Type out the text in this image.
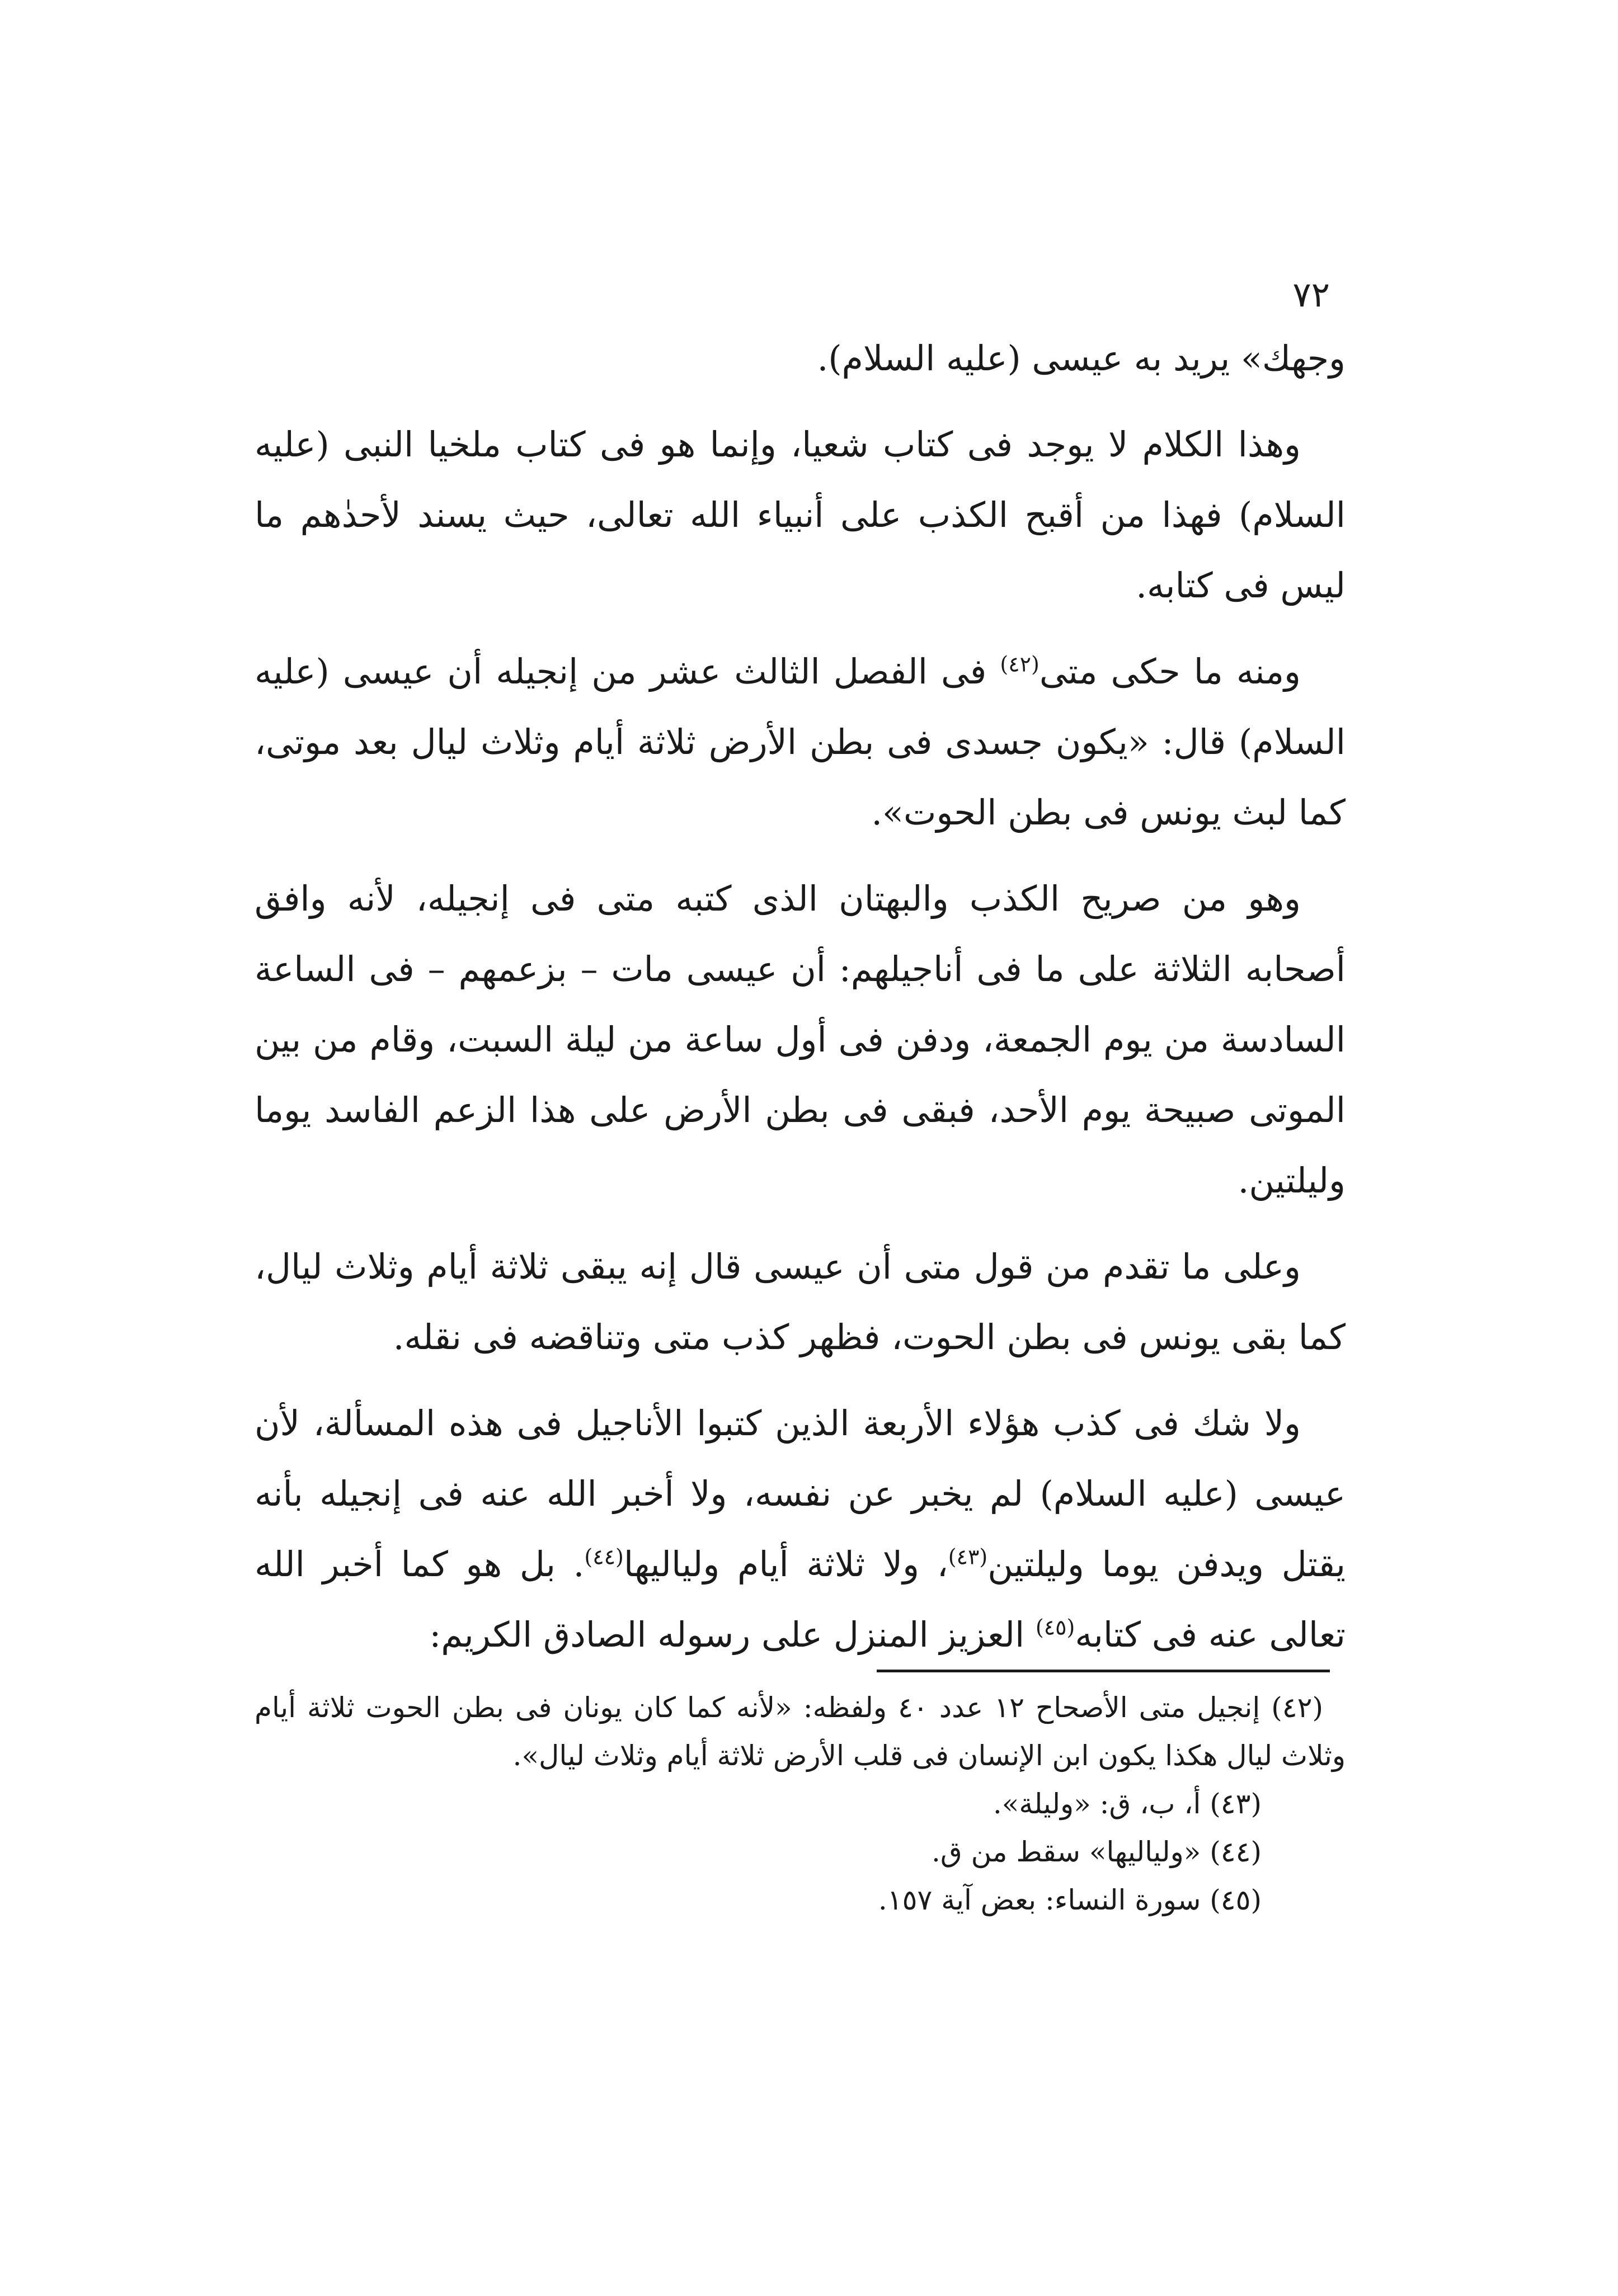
٧٢

وجهك» يريد به عيسى (عليه السلام).

وهذا الكلام لا يوجد فى كتاب شعيا، وإنما هو فى كتاب ملخيا النبى (عليه السلام) فهذا من أقبح الكذب على أنبياء الله تعالى، حيث يسند لأحدٰهم ما ليس فى كتابه.

ومنه ما حكى متى$^{(٤٢)}$ فى الفصل الثالث عشر من إنجيله أن عيسى (عليه السلام) قال: «يكون جسدى فى بطن الأرض ثلاثة أيام وثلاث ليال بعد موتى، كما لبث يونس فى بطن الحوت».

وهو من صريح الكذب والبهتان الذى كتبه متى فى إنجيله، لأنه وافق أصحابه الثلاثة على ما فى أناجيلهم: أن عيسى مات – بزعمهم – فى الساعة السادسة من يوم الجمعة، ودفن فى أول ساعة من ليلة السبت، وقام من بين الموتى صبيحة يوم الأحد، فبقى فى بطن الأرض على هذا الزعم الفاسد يوما وليلتين.

وعلى ما تقدم من قول متى أن عيسى قال إنه يبقى ثلاثة أيام وثلاث ليال، كما بقى يونس فى بطن الحوت، فظهر كذب متى وتناقضه فى نقله.

ولا شك فى كذب هؤلاء الأربعة الذين كتبوا الأناجيل فى هذه المسألة، لأن عيسى (عليه السلام) لم يخبر عن نفسه، ولا أخبر الله عنه فى إنجيله بأنه يقتل ويدفن يوما وليلتين$^{(٤٣)}$، ولا ثلاثة أيام ولياليها$^{(٤٤)}$. بل هو كما أخبر الله تعالى عنه فى كتابه$^{(٤٥)}$ العزيز المنزل على رسوله الصادق الكريم:

(٤٢) إنجيل متى الأصحاح ١٢ عدد ٤٠ ولفظه: «لأنه كما كان يونان فى بطن الحوت ثلاثة أيام وثلاث ليال هكذا يكون ابن الإنسان فى قلب الأرض ثلاثة أيام وثلاث ليال».

(٤٣) أ، ب، ق: «وليلة».

(٤٤) «ولياليها» سقط من ق.

(٤٥) سورة النساء: بعض آية ١٥٧.
